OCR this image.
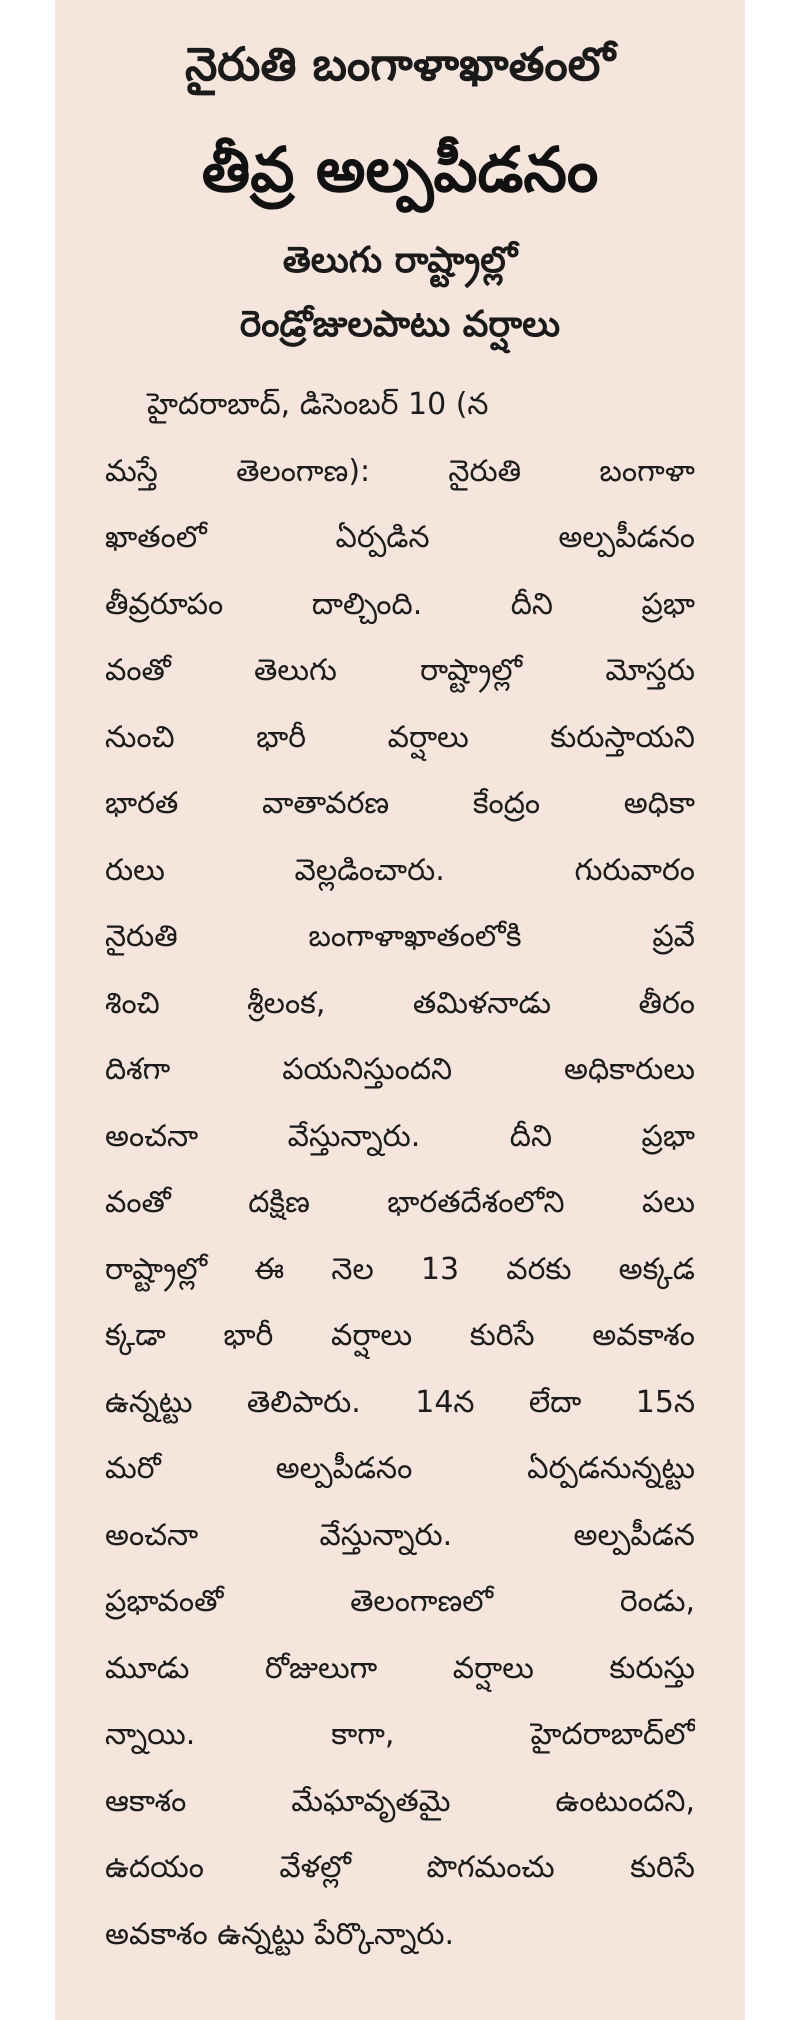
నైరుతి బంగాళాఖాతంలో
తీవ్ర అల్పపీడనం
తెలుగు రాష్ట్రాల్లో
రెండ్రోజులపాటు వర్షాలు
హైదరాబాద్, డిసెంబర్ 10 (న
మస్తే తెలంగాణ): నైరుతి బంగాళా
ఖాతంలో ఏర్పడిన అల్పపీడనం
తీవ్రరూపం దాల్చింది. దీని ప్రభా
వంతో తెలుగు రాష్ట్రాల్లో మోస్తరు
నుంచి భారీ వర్షాలు కురుస్తాయని
భారత వాతావరణ కేంద్రం అధికా
రులు వెల్లడించారు. గురువారం
నైరుతి బంగాళాఖాతంలోకి ప్రవే
శించి శ్రీలంక, తమిళనాడు తీరం
దిశగా పయనిస్తుందని అధికారులు
అంచనా వేస్తున్నారు. దీని ప్రభా
వంతో దక్షిణ భారతదేశంలోని పలు
రాష్ట్రాల్లో ఈ నెల 13 వరకు అక్కడ
క్కడా భారీ వర్షాలు కురిసే అవకాశం
ఉన్నట్టు తెలిపారు. 14న లేదా 15న
మరో అల్పపీడనం ఏర్పడనున్నట్టు
అంచనా వేస్తున్నారు. అల్పపీడన
ప్రభావంతో తెలంగాణలో రెండు,
మూడు రోజులుగా వర్షాలు కురుస్తు
న్నాయి. కాగా, హైదరాబాద్‌లో
ఆకాశం మేఘావృతమై ఉంటుందని,
ఉదయం వేళల్లో పొగమంచు కురిసే
అవకాశం ఉన్నట్టు పేర్కొన్నారు.
